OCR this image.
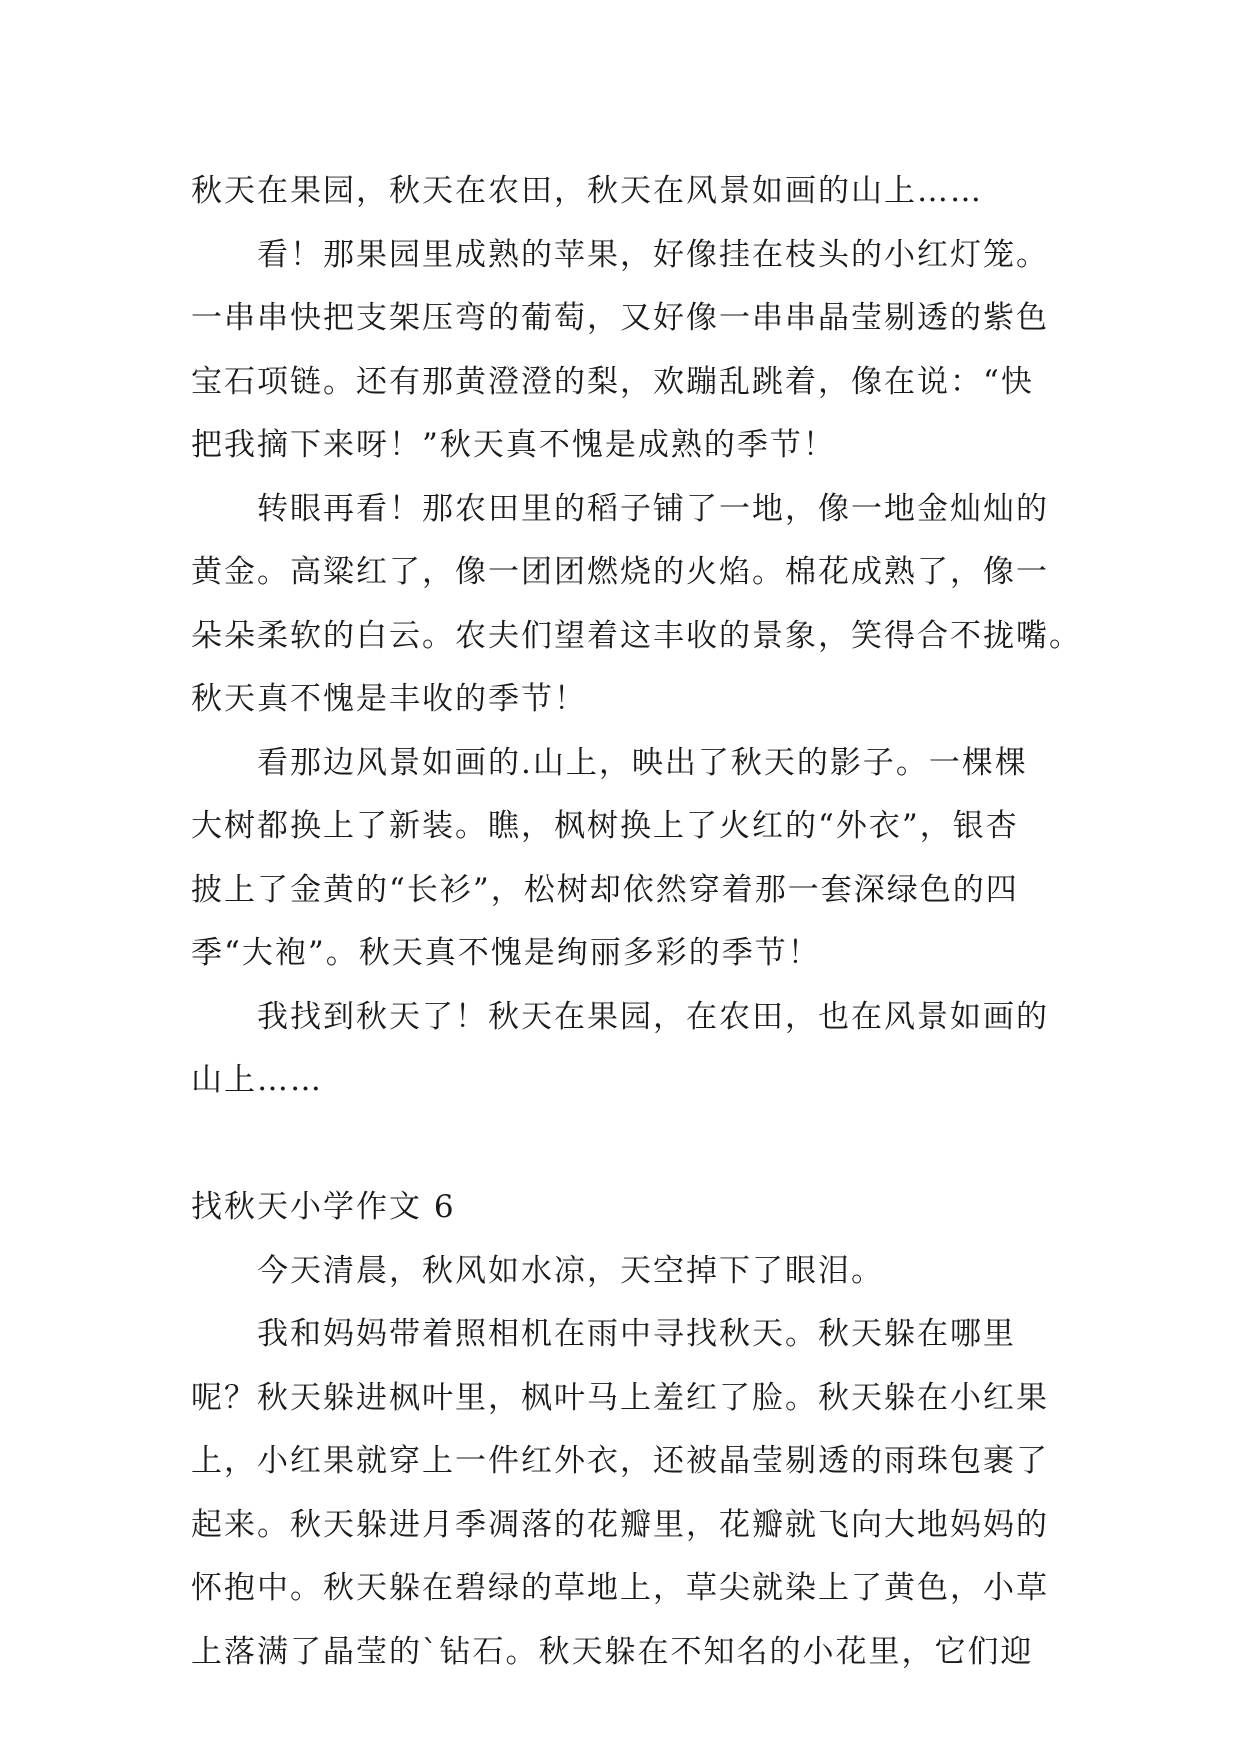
秋天在果园，秋天在农田，秋天在风景如画的山上……
看！那果园里成熟的苹果，好像挂在枝头的小红灯笼。
一串串快把支架压弯的葡萄，又好像一串串晶莹剔透的紫色
宝石项链。还有那黄澄澄的梨，欢蹦乱跳着，像在说：“快
把我摘下来呀！”秋天真不愧是成熟的季节！
转眼再看！那农田里的稻子铺了一地，像一地金灿灿的
黄金。高粱红了，像一团团燃烧的火焰。棉花成熟了，像一
朵朵柔软的白云。农夫们望着这丰收的景象，笑得合不拢嘴。
秋天真不愧是丰收的季节！
看那边风景如画的.山上，映出了秋天的影子。一棵棵
大树都换上了新装。瞧，枫树换上了火红的“外衣”，银杏
披上了金黄的“长衫”，松树却依然穿着那一套深绿色的四
季“大袍”。秋天真不愧是绚丽多彩的季节！
我找到秋天了！秋天在果园，在农田，也在风景如画的
山上……
找秋天小学作文 6
今天清晨，秋风如水凉，天空掉下了眼泪。
我和妈妈带着照相机在雨中寻找秋天。秋天躲在哪里
呢？秋天躲进枫叶里，枫叶马上羞红了脸。秋天躲在小红果
上，小红果就穿上一件红外衣，还被晶莹剔透的雨珠包裹了
起来。秋天躲进月季凋落的花瓣里，花瓣就飞向大地妈妈的
怀抱中。秋天躲在碧绿的草地上，草尖就染上了黄色，小草
上落满了晶莹的`钻石。秋天躲在不知名的小花里，它们迎
